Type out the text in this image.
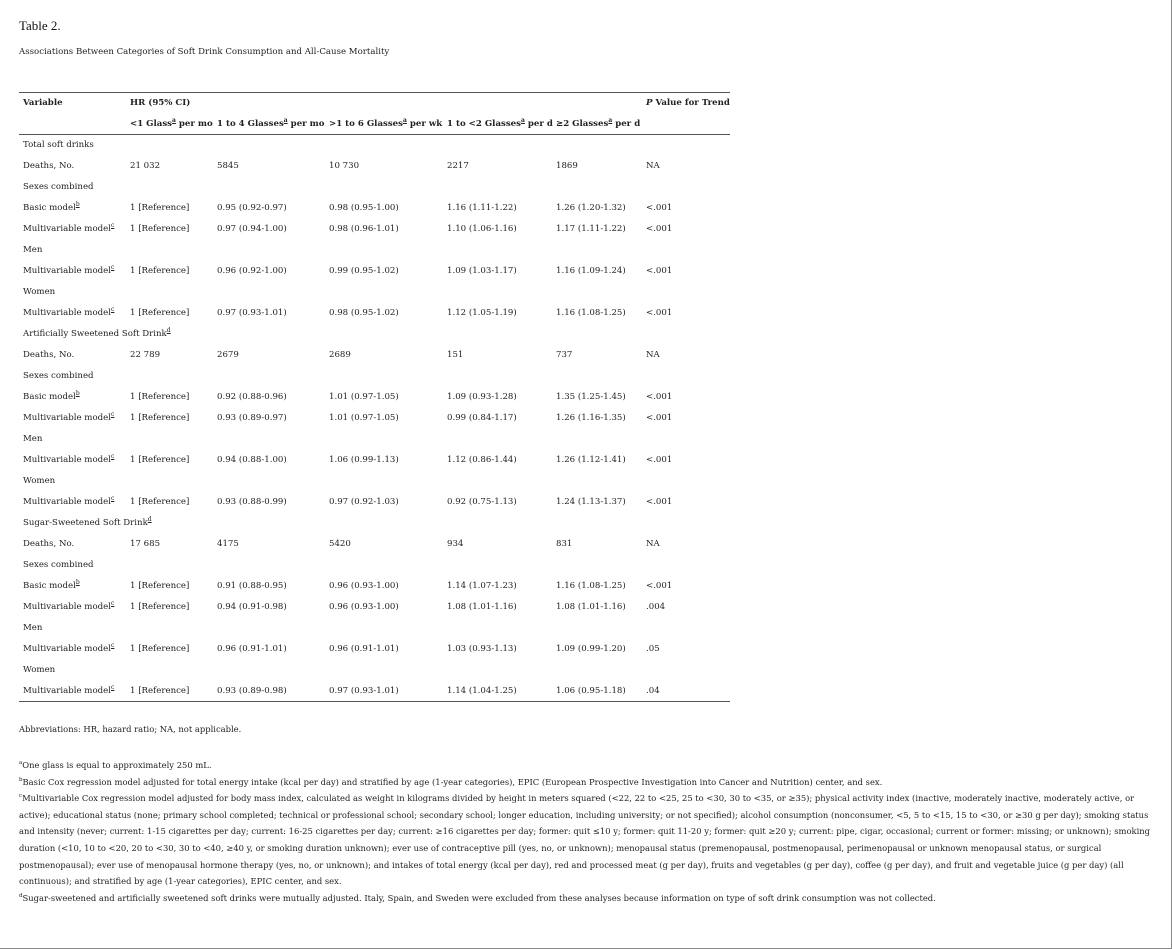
Table 2.
Associations Between Categories of Soft Drink Consumption and All-Cause Mortality
Variable	HR (95% CI)					P Value for Trend
	<1 Glass$^a$ per mo	1 to 4 Glasses$^a$ per mo	>1 to 6 Glasses$^a$ per wk	1 to <2 Glasses$^a$ per d	≥2 Glasses$^a$ per d	
Total soft drinks						
Deaths, No.	21 032	5845	10 730	2217	1869	NA
Sexes combined						
Basic model$^b$	1 [Reference]	0.95 (0.92-0.97)	0.98 (0.95-1.00)	1.16 (1.11-1.22)	1.26 (1.20-1.32)	<.001
Multivariable model$^c$	1 [Reference]	0.97 (0.94-1.00)	0.98 (0.96-1.01)	1.10 (1.06-1.16)	1.17 (1.11-1.22)	<.001
Men						
Multivariable model$^c$	1 [Reference]	0.96 (0.92-1.00)	0.99 (0.95-1.02)	1.09 (1.03-1.17)	1.16 (1.09-1.24)	<.001
Women						
Multivariable model$^c$	1 [Reference]	0.97 (0.93-1.01)	0.98 (0.95-1.02)	1.12 (1.05-1.19)	1.16 (1.08-1.25)	<.001
Artificially Sweetened Soft Drink$^d$
Deaths, No.	22 789	2679	2689	151	737	NA
Sexes combined						
Basic model$^b$	1 [Reference]	0.92 (0.88-0.96)	1.01 (0.97-1.05)	1.09 (0.93-1.28)	1.35 (1.25-1.45)	<.001
Multivariable model$^c$	1 [Reference]	0.93 (0.89-0.97)	1.01 (0.97-1.05)	0.99 (0.84-1.17)	1.26 (1.16-1.35)	<.001
Men						
Multivariable model$^c$	1 [Reference]	0.94 (0.88-1.00)	1.06 (0.99-1.13)	1.12 (0.86-1.44)	1.26 (1.12-1.41)	<.001
Women						
Multivariable model$^c$	1 [Reference]	0.93 (0.88-0.99)	0.97 (0.92-1.03)	0.92 (0.75-1.13)	1.24 (1.13-1.37)	<.001
Sugar-Sweetened Soft Drink$^d$
Deaths, No.	17 685	4175	5420	934	831	NA
Sexes combined						
Basic model$^b$	1 [Reference]	0.91 (0.88-0.95)	0.96 (0.93-1.00)	1.14 (1.07-1.23)	1.16 (1.08-1.25)	<.001
Multivariable model$^c$	1 [Reference]	0.94 (0.91-0.98)	0.96 (0.93-1.00)	1.08 (1.01-1.16)	1.08 (1.01-1.16)	.004
Men						
Multivariable model$^c$	1 [Reference]	0.96 (0.91-1.01)	0.96 (0.91-1.01)	1.03 (0.93-1.13)	1.09 (0.99-1.20)	.05
Women						
Multivariable model$^c$	1 [Reference]	0.93 (0.89-0.98)	0.97 (0.93-1.01)	1.14 (1.04-1.25)	1.06 (0.95-1.18)	.04
Abbreviations: HR, hazard ratio; NA, not applicable.

$^a$One glass is equal to approximately 250 mL.

$^b$Basic Cox regression model adjusted for total energy intake (kcal per day) and stratified by age (1-year categories), EPIC (European Prospective Investigation into Cancer and Nutrition) center, and sex.

$^c$Multivariable Cox regression model adjusted for body mass index, calculated as weight in kilograms divided by height in meters squared (<22, 22 to <25, 25 to <30, 30 to <35, or ≥35); physical activity index (inactive, moderately inactive, moderately active, or active); educational status (none; primary school completed; technical or professional school; secondary school; longer education, including university; or not specified); alcohol consumption (nonconsumer, <5, 5 to <15, 15 to <30, or ≥30 g per day); smoking status and intensity (never; current: 1-15 cigarettes per day; current: 16-25 cigarettes per day; current: ≥16 cigarettes per day; former: quit ≤10 y; former: quit 11-20 y; former: quit ≥20 y; current: pipe, cigar, occasional; current or former: missing; or unknown); smoking duration (<10, 10 to <20, 20 to <30, 30 to <40, ≥40 y, or smoking duration unknown); ever use of contraceptive pill (yes, no, or unknown); menopausal status (premenopausal, postmenopausal, perimenopausal or unknown menopausal status, or surgical postmenopausal); ever use of menopausal hormone therapy (yes, no, or unknown); and intakes of total energy (kcal per day), red and processed meat (g per day), fruits and vegetables (g per day), coffee (g per day), and fruit and vegetable juice (g per day) (all continuous); and stratified by age (1-year categories), EPIC center, and sex.

$^d$Sugar-sweetened and artificially sweetened soft drinks were mutually adjusted. Italy, Spain, and Sweden were excluded from these analyses because information on type of soft drink consumption was not collected.
